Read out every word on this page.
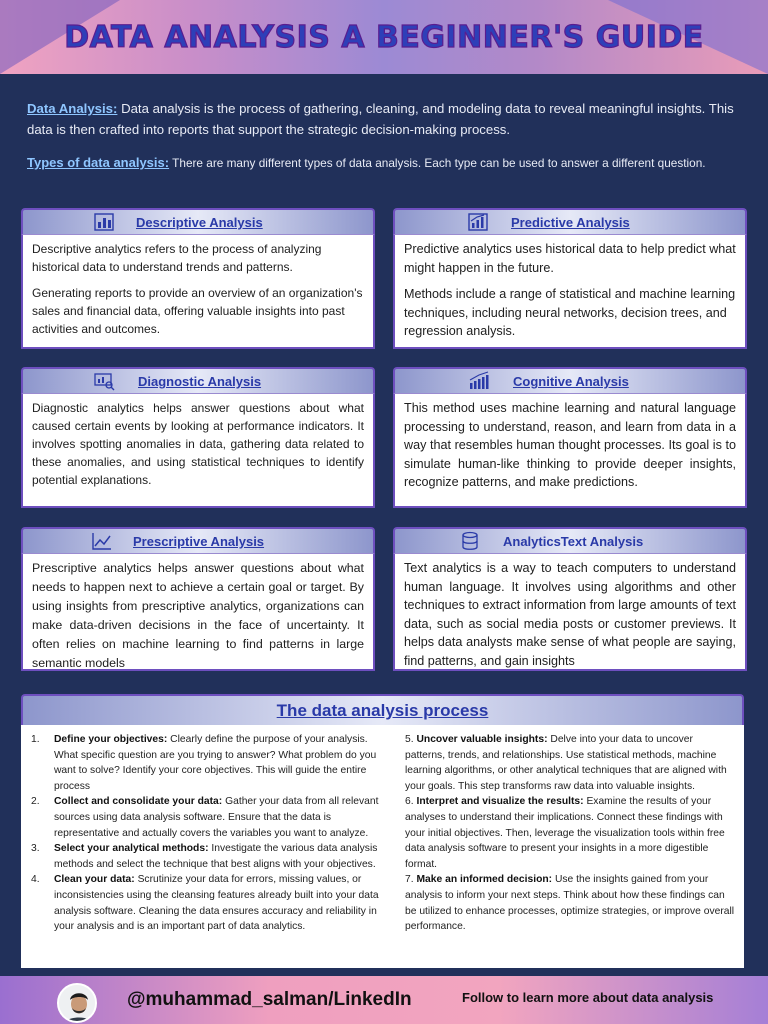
DATA ANALYSIS A BEGINNER'S GUIDE
Data Analysis: Data analysis is the process of gathering, cleaning, and modeling data to reveal meaningful insights. This data is then crafted into reports that support the strategic decision-making process.
Types of data analysis: There are many different types of data analysis. Each type can be used to answer a different question.
Descriptive Analysis

Descriptive analytics refers to the process of analyzing historical data to understand trends and patterns.

Generating reports to provide an overview of an organization's sales and financial data, offering valuable insights into past activities and outcomes.

Predictive Analysis

Predictive analytics uses historical data to help predict what might happen in the future.

Methods include a range of statistical and machine learning techniques, including neural networks, decision trees, and regression analysis.

Diagnostic Analysis

Diagnostic analytics helps answer questions about what caused certain events by looking at performance indicators. It involves spotting anomalies in data, gathering data related to these anomalies, and using statistical techniques to identify potential explanations.

Cognitive Analysis

This method uses machine learning and natural language processing to understand, reason, and learn from data in a way that resembles human thought processes. Its goal is to simulate human-like thinking to provide deeper insights, recognize patterns, and make predictions.

Prescriptive Analysis

Prescriptive analytics helps answer questions about what needs to happen next to achieve a certain goal or target. By using insights from prescriptive analytics, organizations can make data-driven decisions in the face of uncertainty. It often relies on machine learning to find patterns in large semantic models

AnalyticsText Analysis

Text analytics is a way to teach computers to understand human language. It involves using algorithms and other techniques to extract information from large amounts of text data, such as social media posts or customer previews. It helps data analysts make sense of what people are saying, find patterns, and gain insights

The data analysis process
1. Define your objectives: Clearly define the purpose of your analysis. What specific question are you trying to answer? What problem do you want to solve? Identify your core objectives. This will guide the entire process
2. Collect and consolidate your data: Gather your data from all relevant sources using data analysis software. Ensure that the data is representative and actually covers the variables you want to analyze.
3. Select your analytical methods: Investigate the various data analysis methods and select the technique that best aligns with your objectives.
4. Clean your data: Scrutinize your data for errors, missing values, or inconsistencies using the cleansing features already built into your data analysis software. Cleaning the data ensures accuracy and reliability in your analysis and is an important part of data analytics.
5. Uncover valuable insights: Delve into your data to uncover patterns, trends, and relationships. Use statistical methods, machine learning algorithms, or other analytical techniques that are aligned with your goals. This step transforms raw data into valuable insights.
6. Interpret and visualize the results: Examine the results of your analyses to understand their implications. Connect these findings with your initial objectives. Then, leverage the visualization tools within free data analysis software to present your insights in a more digestible format.
7. Make an informed decision: Use the insights gained from your analysis to inform your next steps. Think about how these findings can be utilized to enhance processes, optimize strategies, or improve overall performance.
@muhammad_salman/LinkedIn	Follow to learn more about data analysis
